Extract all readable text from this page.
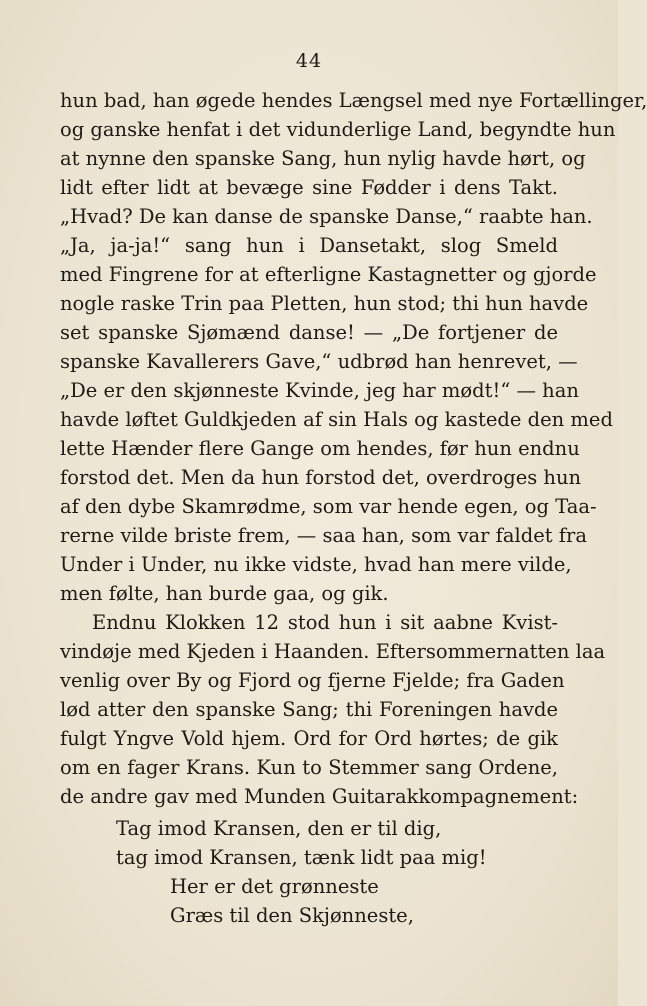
44
hun bad, han øgede hendes Længsel med nye Fortællinger,
og ganske henfat i det vidunderlige Land, begyndte hun
at nynne den spanske Sang, hun nylig havde hørt, og
lidt efter lidt at bevæge sine Fødder i dens Takt.
„Hvad? De kan danse de spanske Danse,“ raabte han.
„Ja, ja-ja!“ sang hun i Dansetakt, slog Smeld
med Fingrene for at efterligne Kastagnetter og gjorde
nogle raske Trin paa Pletten, hun stod; thi hun havde
set spanske Sjømænd danse! — „De fortjener de
spanske Kavallerers Gave,“ udbrød han henrevet, —
„De er den skjønneste Kvinde, jeg har mødt!“ — han
havde løftet Guldkjeden af sin Hals og kastede den med
lette Hænder flere Gange om hendes, før hun endnu
forstod det. Men da hun forstod det, overdroges hun
af den dybe Skamrødme, som var hende egen, og Taa-
rerne vilde briste frem, — saa han, som var faldet fra
Under i Under, nu ikke vidste, hvad han mere vilde,
men følte, han burde gaa, og gik.
Endnu Klokken 12 stod hun i sit aabne Kvist-
vindøje med Kjeden i Haanden. Eftersommernatten laa
venlig over By og Fjord og fjerne Fjelde; fra Gaden
lød atter den spanske Sang; thi Foreningen havde
fulgt Yngve Vold hjem. Ord for Ord hørtes; de gik
om en fager Krans. Kun to Stemmer sang Ordene,
de andre gav med Munden Guitarakkompagnement:
Tag imod Kransen, den er til dig,
tag imod Kransen, tænk lidt paa mig!
Her er det grønneste
Græs til den Skjønneste,
